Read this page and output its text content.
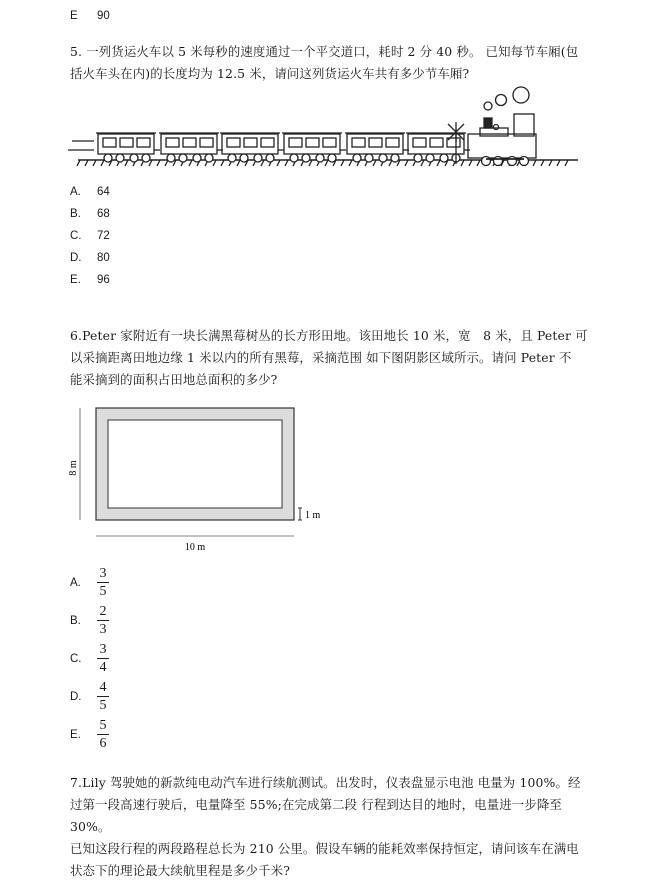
E 90
5. 一列货运火车以 5 米每秒的速度通过一个平交道口，耗时 2 分 40 秒。 已知每节车厢(包
括火车头在内)的长度均为 12.5 米，请问这列货运火车共有多少节车厢?
A. 64
B. 68
C. 72
D. 80
E. 96
6.Peter 家附近有一块长满黑莓树丛的长方形田地。该田地长 10 米，宽　8 米，且 Peter 可
以采摘距离田地边缘 1 米以内的所有黑莓，采摘范围 如下图阴影区域所示。请问 Peter 不
能采摘到的面积占田地总面积的多少?
8 m
1 m
10 m
A.
3
5
B.
2
3
C.
3
4
D.
4
5
E.
5
6
7.Lily 驾驶她的新款纯电动汽车进行续航测试。出发时，仪表盘显示电池 电量为 100%。经
过第一段高速行驶后，电量降至 55%;在完成第二段 行程到达目的地时，电量进一步降至 30%。
已知这段行程的两段路程总长为 210 公里。假设车辆的能耗效率保持恒定，请问该车在满电
状态下的理论最大续航里程是多少千米?
